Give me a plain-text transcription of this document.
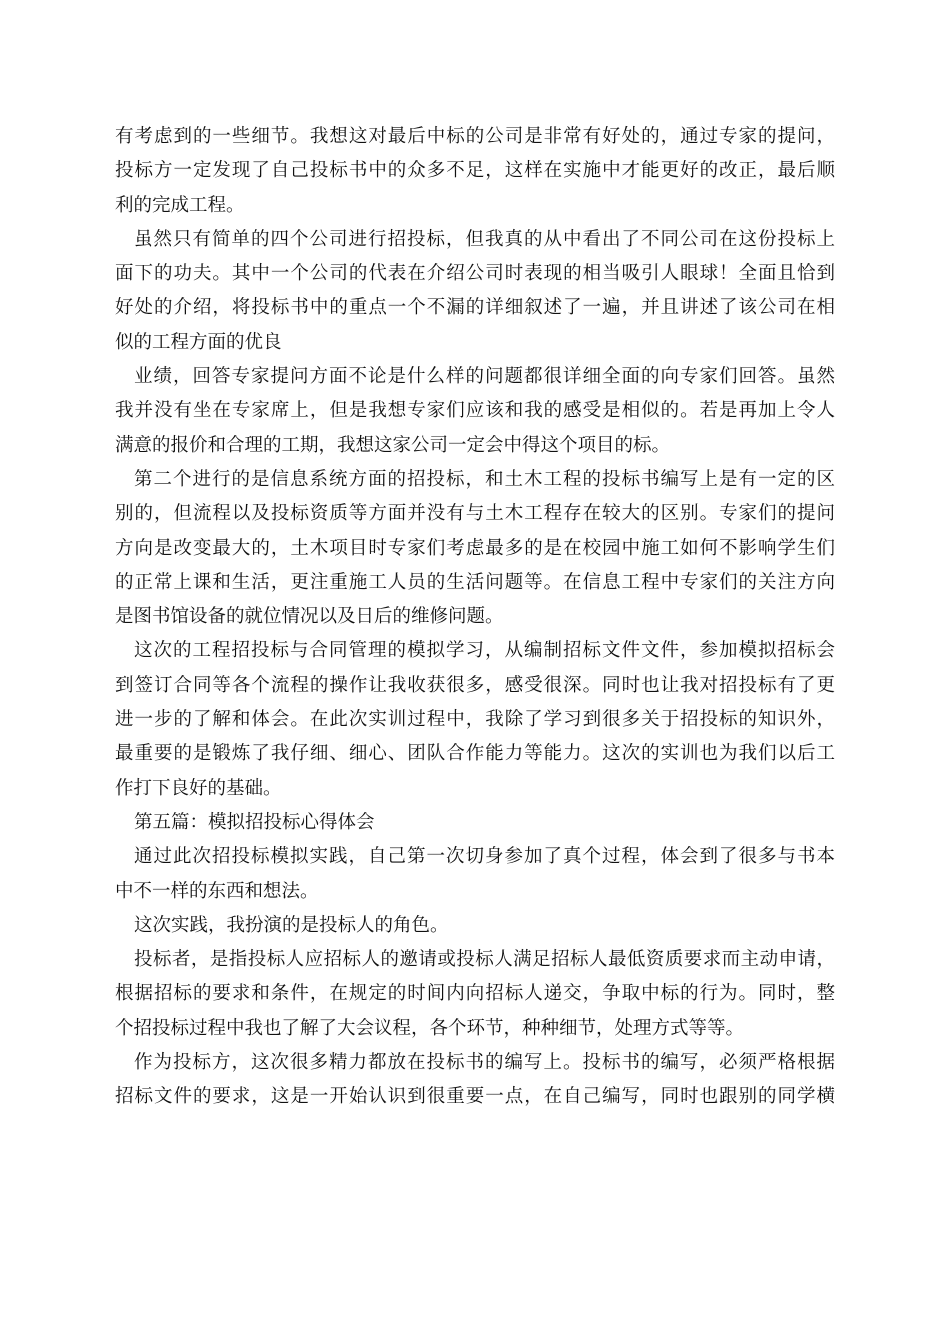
有考虑到的一些细节。我想这对最后中标的公司是非常有好处的，通过专家的提问，
投标方一定发现了自己投标书中的众多不足，这样在实施中才能更好的改正，最后顺
利的完成工程。
虽然只有简单的四个公司进行招投标，但我真的从中看出了不同公司在这份投标上
面下的功夫。其中一个公司的代表在介绍公司时表现的相当吸引人眼球！全面且恰到
好处的介绍，将投标书中的重点一个不漏的详细叙述了一遍，并且讲述了该公司在相
似的工程方面的优良
业绩，回答专家提问方面不论是什么样的问题都很详细全面的向专家们回答。虽然
我并没有坐在专家席上，但是我想专家们应该和我的感受是相似的。若是再加上令人
满意的报价和合理的工期，我想这家公司一定会中得这个项目的标。
第二个进行的是信息系统方面的招投标，和土木工程的投标书编写上是有一定的区
别的，但流程以及投标资质等方面并没有与土木工程存在较大的区别。专家们的提问
方向是改变最大的，土木项目时专家们考虑最多的是在校园中施工如何不影响学生们
的正常上课和生活，更注重施工人员的生活问题等。在信息工程中专家们的关注方向
是图书馆设备的就位情况以及日后的维修问题。
这次的工程招投标与合同管理的模拟学习，从编制招标文件文件，参加模拟招标会
到签订合同等各个流程的操作让我收获很多，感受很深。同时也让我对招投标有了更
进一步的了解和体会。在此次实训过程中，我除了学习到很多关于招投标的知识外，
最重要的是锻炼了我仔细、细心、团队合作能力等能力。这次的实训也为我们以后工
作打下良好的基础。
第五篇：模拟招投标心得体会
通过此次招投标模拟实践，自己第一次切身参加了真个过程，体会到了很多与书本
中不一样的东西和想法。
这次实践，我扮演的是投标人的角色。
投标者，是指投标人应招标人的邀请或投标人满足招标人最低资质要求而主动申请，
根据招标的要求和条件，在规定的时间内向招标人递交，争取中标的行为。同时，整
个招投标过程中我也了解了大会议程，各个环节，种种细节，处理方式等等。
作为投标方，这次很多精力都放在投标书的编写上。投标书的编写，必须严格根据
招标文件的要求，这是一开始认识到很重要一点，在自己编写，同时也跟别的同学横
